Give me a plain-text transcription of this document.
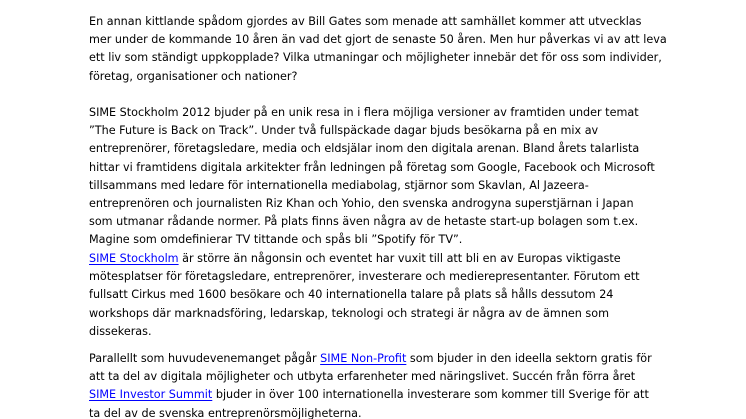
En annan kittlande spådom gjordes av Bill Gates som menade att samhället kommer att utvecklas
mer under de kommande 10 åren än vad det gjort de senaste 50 åren. Men hur påverkas vi av att leva
ett liv som ständigt uppkopplade? Vilka utmaningar och möjligheter innebär det för oss som individer,
företag, organisationer och nationer?

SIME Stockholm 2012 bjuder på en unik resa in i flera möjliga versioner av framtiden under temat
”The Future is Back on Track”. Under två fullspäckade dagar bjuds besökarna på en mix av
entreprenörer, företagsledare, media och eldsjälar inom den digitala arenan. Bland årets talarlista
hittar vi framtidens digitala arkitekter från ledningen på företag som Google, Facebook och Microsoft
tillsammans med ledare för internationella mediabolag, stjärnor som Skavlan, Al Jazeera-
entreprenören och journalisten Riz Khan och Yohio, den svenska androgyna superstjärnan i Japan
som utmanar rådande normer. På plats finns även några av de hetaste start-up bolagen som t.ex.
Magine som omdefinierar TV tittande och spås bli ”Spotify för TV”.

SIME Stockholm är större än någonsin och eventet har vuxit till att bli en av Europas viktigaste
mötesplatser för företagsledare, entreprenörer, investerare och medierepresentanter. Förutom ett
fullsatt Cirkus med 1600 besökare och 40 internationella talare på plats så hålls dessutom 24
workshops där marknadsföring, ledarskap, teknologi och strategi är några av de ämnen som
dissekeras.

Parallellt som huvudevenemanget pågår SIME Non-Profit som bjuder in den ideella sektorn gratis för
att ta del av digitala möjligheter och utbyta erfarenheter med näringslivet. Succén från förra året
SIME Investor Summit bjuder in över 100 internationella investerare som kommer till Sverige för att
ta del av de svenska entreprenörsmöjligheterna.
